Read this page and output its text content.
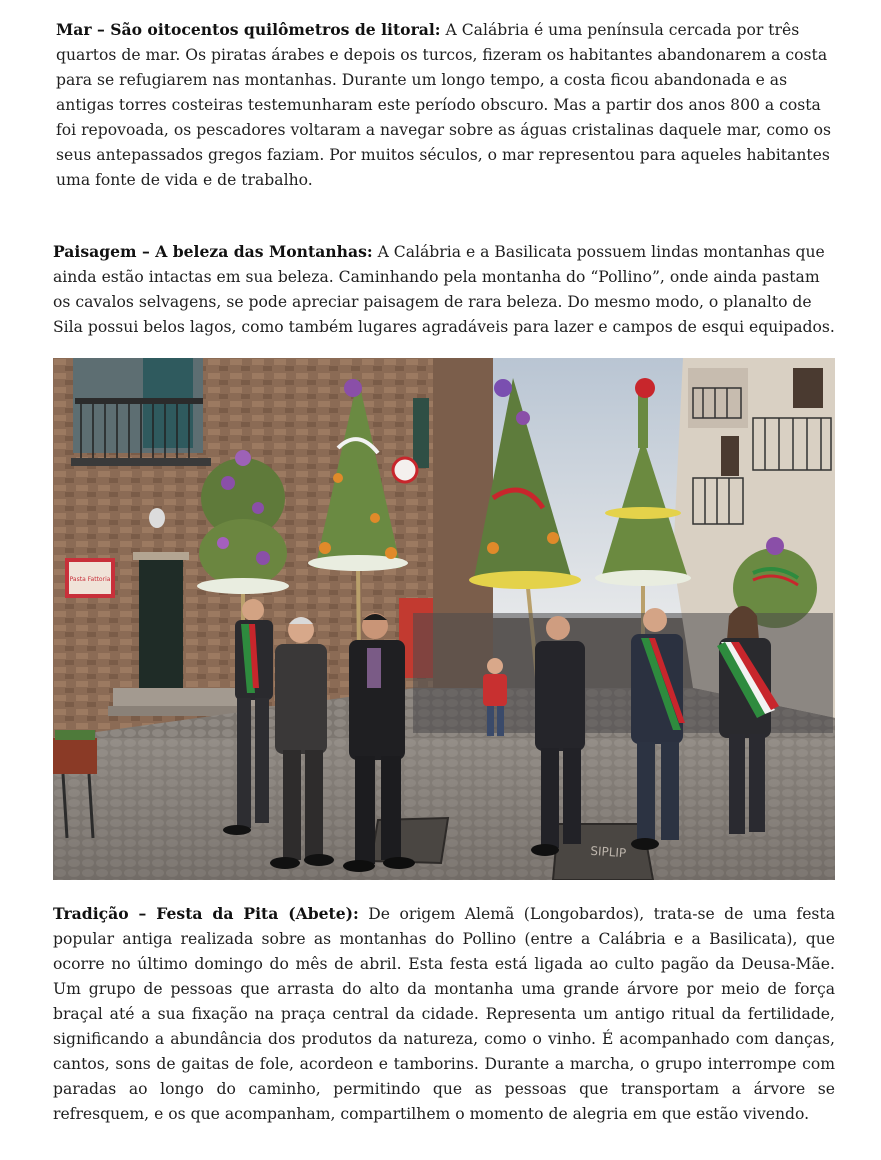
Mar – São oitocentos quilômetros de litoral: A Calábria é uma península cercada por três quartos de mar. Os piratas árabes e depois os turcos, fizeram os habitantes abandonarem a costa para se refugiarem nas montanhas. Durante um longo tempo, a costa ficou abandonada e as antigas torres costeiras testemunharam este período obscuro. Mas a partir dos anos 800 a costa foi repovoada, os pescadores voltaram a navegar sobre as águas cristalinas daquele mar, como os seus antepassados gregos faziam. Por muitos séculos, o mar representou para aqueles habitantes uma fonte de vida e de trabalho.

Paisagem – A beleza das Montanhas: A Calábria e a Basilicata possuem lindas montanhas que ainda estão intactas em sua beleza. Caminhando pela montanha do “Pollino”, onde ainda pastam os cavalos selvagens, se pode apreciar paisagem de rara beleza. Do mesmo modo, o planalto de Sila possui belos lagos, como também lugares agradáveis para lazer e campos de esqui equipados.

Pasta Fattoria
SIPLIP

Tradição – Festa da Pita (Abete): De origem Alemã (Longobardos), trata-se de uma festa popular antiga realizada sobre as montanhas do Pollino (entre a Calábria e a Basilicata), que ocorre no último domingo do mês de abril. Esta festa está ligada ao culto pagão da Deusa-Mãe. Um grupo de pessoas que arrasta do alto da montanha uma grande árvore por meio de força braçal até a sua fixação na praça central da cidade. Representa um antigo ritual da fertilidade, significando a abundância dos produtos da natureza, como o vinho. É acompanhado com danças, cantos, sons de gaitas de fole, acordeon e tamborins. Durante a marcha, o grupo interrompe com paradas ao longo do caminho, permitindo que as pessoas que transportam a árvore se refresquem, e os que acompanham, compartilhem o momento de alegria em que estão vivendo.
